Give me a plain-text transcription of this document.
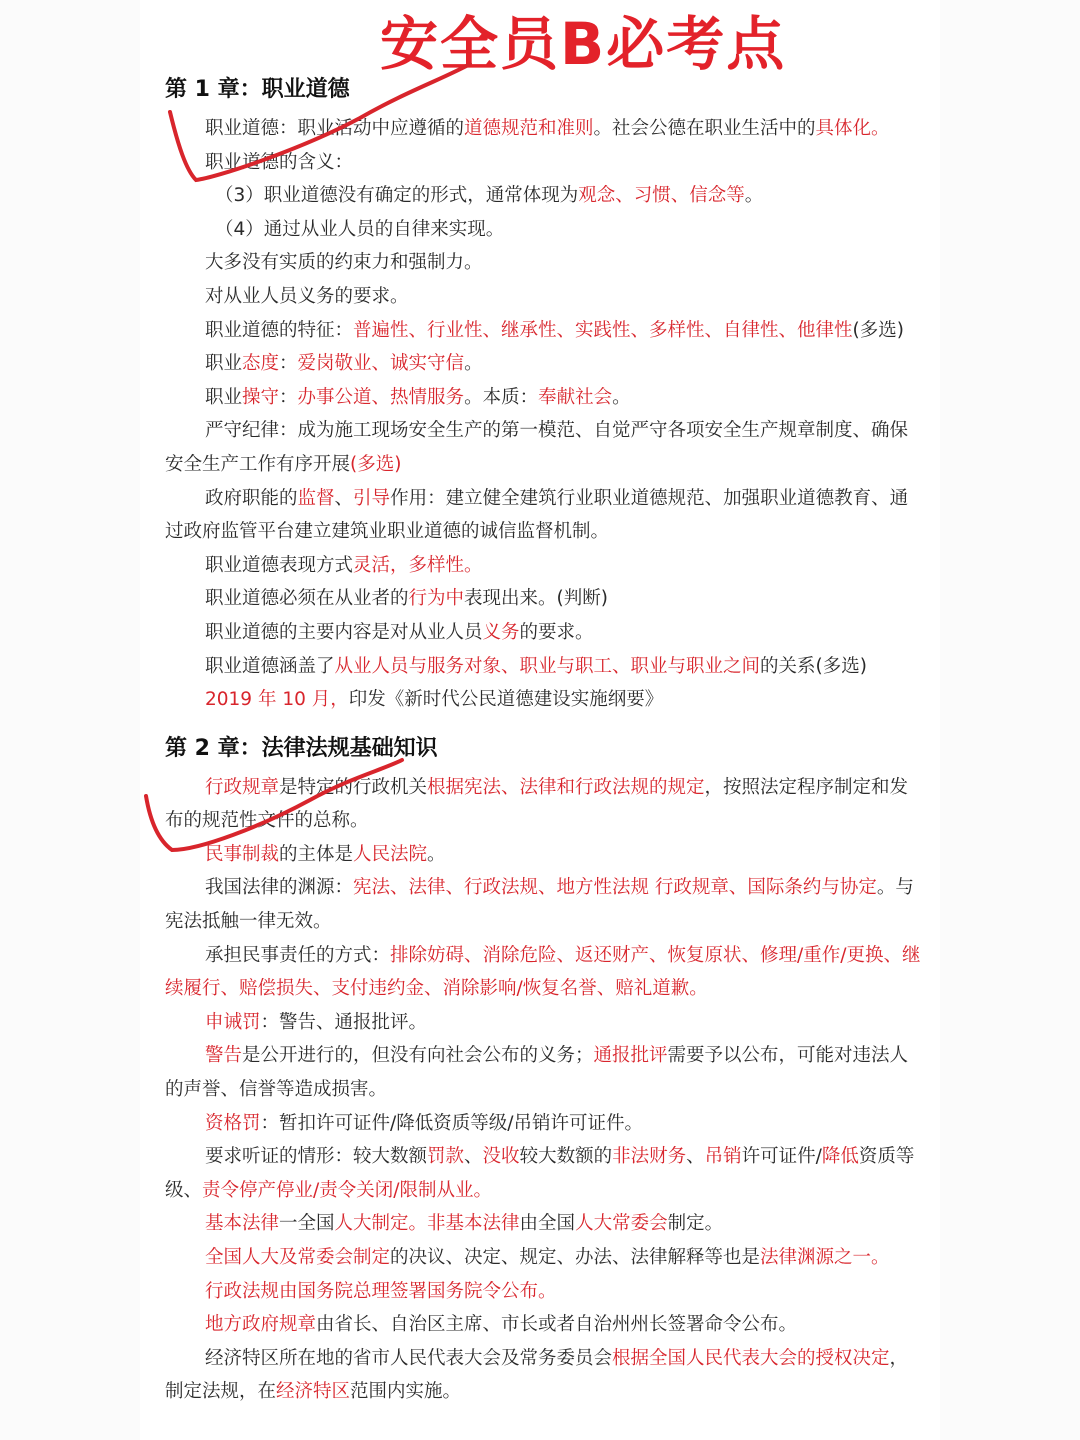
安全员B必考点
第 1 章：职业道德
职业道德：职业活动中应遵循的道德规范和准则。社会公德在职业生活中的具体化。
职业道德的含义：
（3）职业道德没有确定的形式，通常体现为观念、习惯、信念等。
（4）通过从业人员的自律来实现。
大多没有实质的约束力和强制力。
对从业人员义务的要求。
职业道德的特征：普遍性、行业性、继承性、实践性、多样性、自律性、他律性(多选)
职业态度：爱岗敬业、诚实守信。
职业操守：办事公道、热情服务。本质：奉献社会。
严守纪律：成为施工现场安全生产的第一模范、自觉严守各项安全生产规章制度、确保安全生产工作有序开展(多选)
政府职能的监督、引导作用：建立健全建筑行业职业道德规范、加强职业道德教育、通过政府监管平台建立建筑业职业道德的诚信监督机制。
职业道德表现方式灵活，多样性。
职业道德必须在从业者的行为中表现出来。(判断)
职业道德的主要内容是对从业人员义务的要求。
职业道德涵盖了从业人员与服务对象、职业与职工、职业与职业之间的关系(多选)
2019 年 10 月，印发《新时代公民道德建设实施纲要》
第 2 章：法律法规基础知识
行政规章是特定的行政机关根据宪法、法律和行政法规的规定，按照法定程序制定和发布的规范性文件的总称。
民事制裁的主体是人民法院。
我国法律的渊源：宪法、法律、行政法规、地方性法规 行政规章、国际条约与协定。与宪法抵触一律无效。
承担民事责任的方式：排除妨碍、消除危险、返还财产、恢复原状、修理/重作/更换、继续履行、赔偿损失、支付违约金、消除影响/恢复名誉、赔礼道歉。
申诫罚：警告、通报批评。
警告是公开进行的，但没有向社会公布的义务；通报批评需要予以公布，可能对违法人的声誉、信誉等造成损害。
资格罚：暂扣许可证件/降低资质等级/吊销许可证件。
要求听证的情形：较大数额罚款、没收较大数额的非法财务、吊销许可证件/降低资质等级、责令停产停业/责令关闭/限制从业。
基本法律一全国人大制定。非基本法律由全国人大常委会制定。
全国人大及常委会制定的决议、决定、规定、办法、法律解释等也是法律渊源之一。
行政法规由国务院总理签署国务院令公布。
地方政府规章由省长、自治区主席、市长或者自治州州长签署命令公布。
经济特区所在地的省市人民代表大会及常务委员会根据全国人民代表大会的授权决定，制定法规，在经济特区范围内实施。
